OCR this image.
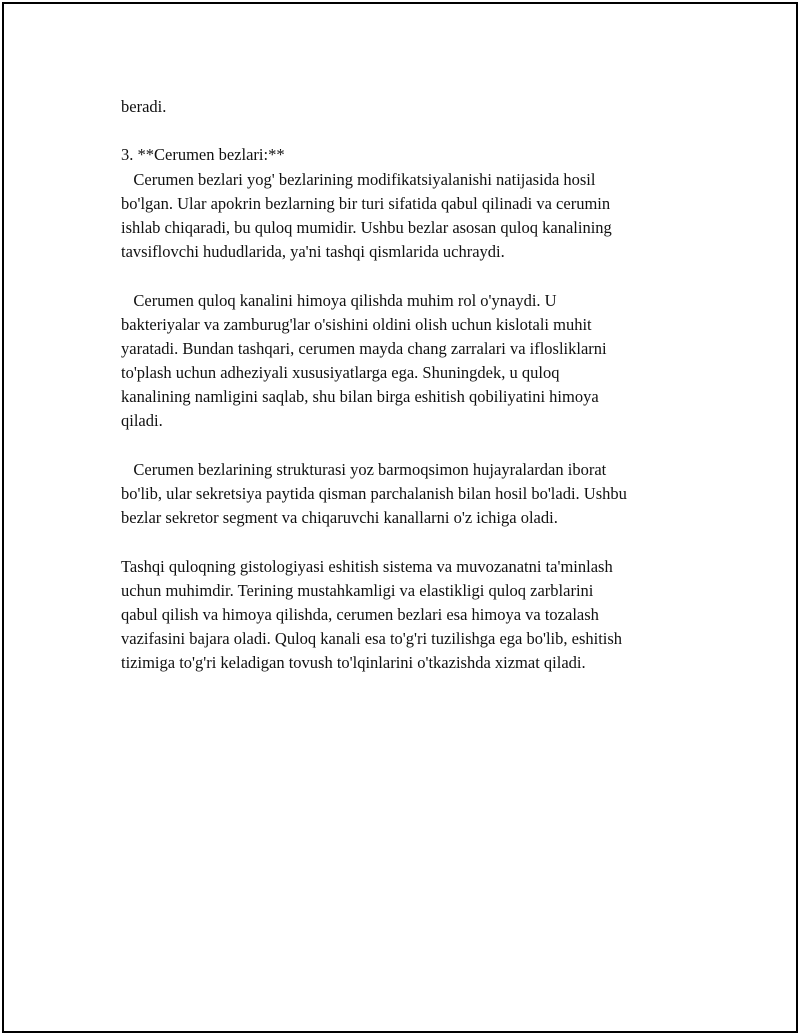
beradi.
3. **Cerumen bezlari:**
Cerumen bezlari yog' bezlarining modifikatsiyalanishi natijasida hosil
bo'lgan. Ular apokrin bezlarning bir turi sifatida qabul qilinadi va cerumin
ishlab chiqaradi, bu quloq mumidir. Ushbu bezlar asosan quloq kanalining
tavsiflovchi hududlarida, ya'ni tashqi qismlarida uchraydi.
Cerumen quloq kanalini himoya qilishda muhim rol o'ynaydi. U
bakteriyalar va zamburug'lar o'sishini oldini olish uchun kislotali muhit
yaratadi. Bundan tashqari, cerumen mayda chang zarralari va iflosliklarni
to'plash uchun adheziyali xususiyatlarga ega. Shuningdek, u quloq
kanalining namligini saqlab, shu bilan birga eshitish qobiliyatini himoya
qiladi.
Cerumen bezlarining strukturasi yoz barmoqsimon hujayralardan iborat
bo'lib, ular sekretsiya paytida qisman parchalanish bilan hosil bo'ladi. Ushbu
bezlar sekretor segment va chiqaruvchi kanallarni o'z ichiga oladi.
Tashqi quloqning gistologiyasi eshitish sistema va muvozanatni ta'minlash
uchun muhimdir. Terining mustahkamligi va elastikligi quloq zarblarini
qabul qilish va himoya qilishda, cerumen bezlari esa himoya va tozalash
vazifasini bajara oladi. Quloq kanali esa to'g'ri tuzilishga ega bo'lib, eshitish
tizimiga to'g'ri keladigan tovush to'lqinlarini o'tkazishda xizmat qiladi.
